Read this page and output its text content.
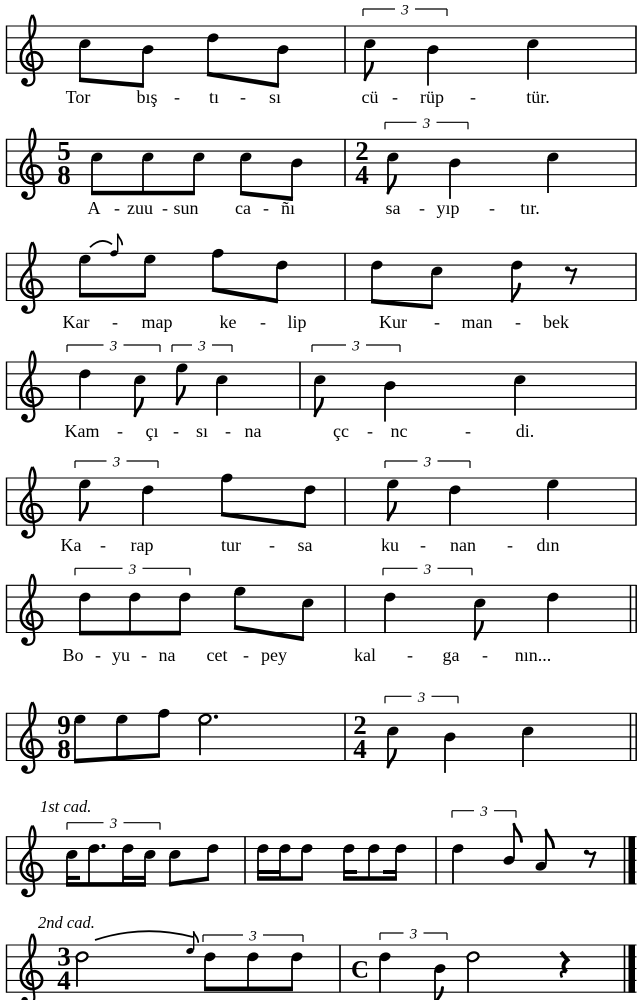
3
Tor	bış - tı - sı	cü - rüp -	tür.
5
8
2
4
3
A - zuu - sun ca - ñı	sa - yıp - tır.
Kar - map	ke - lip	Kur - man - bek
3	3	3
Kam - çı - sı - na	çc - nc	- di.
3	3
Ka - rap	tur - sa	ku - nan - dın
3	3
Bo - yu - na cet - pey	kal - ga - nın...
9
8
2
4
3
3
3
1st cad.
3
4	C
3	3
2nd cad.
